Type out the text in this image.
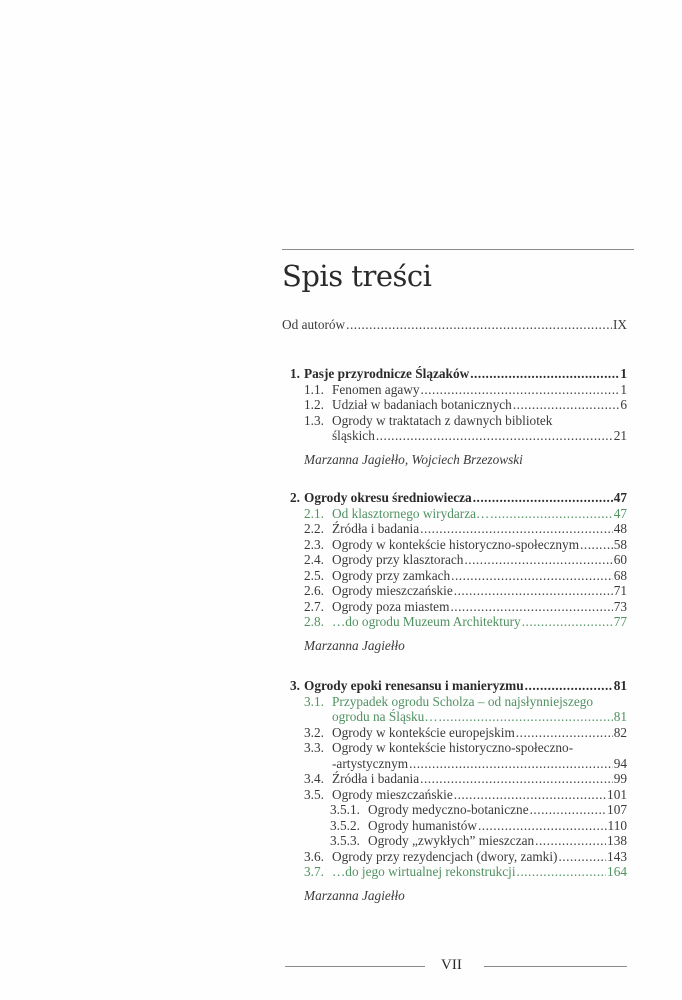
Spis treści
Od autorów .....	IX
1. Pasje przyrodnicze Ślązaków .....	1
1.1. Fenomen agawy .....	1
1.2. Udział w badaniach botanicznych .....	6
1.3. Ogrody w traktatach z dawnych bibliotek
śląskich .....	21
Marzanna Jagiełło, Wojciech Brzezowski
2. Ogrody okresu średniowiecza .....	47
2.1. Od klasztornego wirydarza… .....	47
2.2. Źródła i badania .....	48
2.3. Ogrody w kontekście historyczno-społecznym .....	58
2.4. Ogrody przy klasztorach .....	60
2.5. Ogrody przy zamkach .....	68
2.6. Ogrody mieszczańskie .....	71
2.7. Ogrody poza miastem .....	73
2.8. …do ogrodu Muzeum Architektury .....	77
Marzanna Jagiełło
3. Ogrody epoki renesansu i manieryzmu .....	81
3.1. Przypadek ogrodu Scholza – od najsłynniejszego
ogrodu na Śląsku… .....	81
3.2. Ogrody w kontekście europejskim .....	82
3.3. Ogrody w kontekście historyczno-społeczno-
-artystycznym .....	94
3.4. Źródła i badania .....	99
3.5. Ogrody mieszczańskie .....	101
3.5.1. Ogrody medyczno-botaniczne .....	107
3.5.2. Ogrody humanistów .....	110
3.5.3. Ogrody „zwykłych” mieszczan .....	138
3.6. Ogrody przy rezydencjach (dwory, zamki) .....	143
3.7. …do jego wirtualnej rekonstrukcji .....	164
Marzanna Jagiełło
VII
